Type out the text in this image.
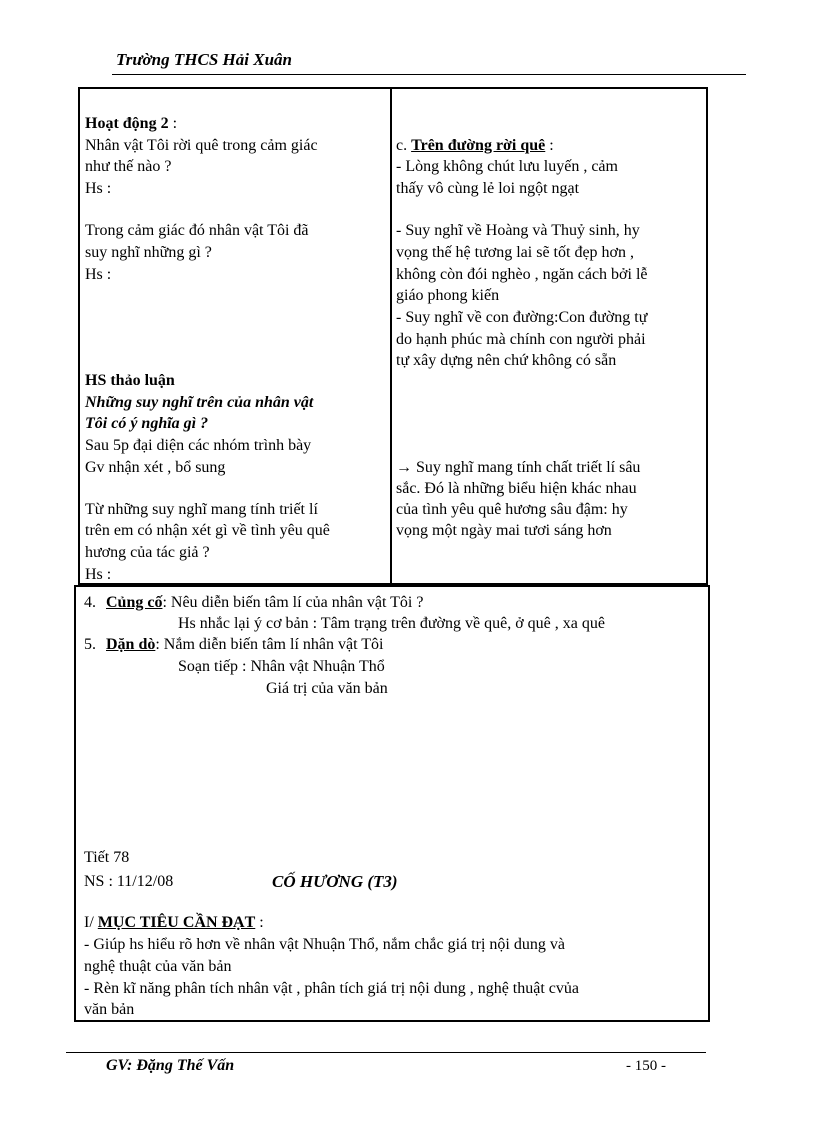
Trường THCS Hải Xuân
Hoạt động 2 :
Nhân vật Tôi rời quê trong cảm giác
như thế nào ?
Hs :
Trong cảm giác đó nhân vật Tôi đã
suy nghĩ những gì ?
Hs :
HS thảo luận
Những suy nghĩ trên của nhân vật
Tôi có ý nghĩa gì ?
Sau 5p đại diện các nhóm trình bày
Gv nhận xét , bổ sung
Từ những suy nghĩ mang tính triết lí
trên em có nhận xét gì về tình yêu quê
hương của tác giả ?
Hs :
c. Trên đường rời quê :
- Lòng không chút lưu luyến , cảm
thấy vô cùng lẻ loi ngột ngạt
- Suy nghĩ về Hoàng và Thuỷ sinh, hy
vọng thế hệ tương lai sẽ tốt đẹp hơn ,
không còn đói nghèo , ngăn cách bởi lễ
giáo phong kiến
- Suy nghĩ về con đường:Con đường tự
do hạnh phúc mà chính con người phải
tự xây dựng nên chứ không có sẵn
→ Suy nghĩ mang tính chất triết lí sâu
sắc. Đó là những biểu hiện khác nhau
của tình yêu quê hương sâu đậm: hy
vọng một ngày mai tươi sáng hơn
4. Củng cố: Nêu diễn biến tâm lí của nhân vật Tôi ?
Hs nhắc lại ý cơ bản : Tâm trạng trên đường về quê, ở quê , xa quê
5. Dặn dò: Nắm diễn biến tâm lí nhân vật Tôi
Soạn tiếp : Nhân vật Nhuận Thổ
Giá trị của văn bản
Tiết 78
NS : 11/12/08	CỐ HƯƠNG (T3)
I/ MỤC TIÊU CẦN ĐẠT :
- Giúp hs hiểu rõ hơn về nhân vật Nhuận Thổ, nắm chắc giá trị nội dung và
nghệ thuật của văn bản
- Rèn kĩ năng phân tích nhân vật , phân tích giá trị nội dung , nghệ thuật cvủa
văn bản
GV: Đặng Thế Vấn	- 150 -
